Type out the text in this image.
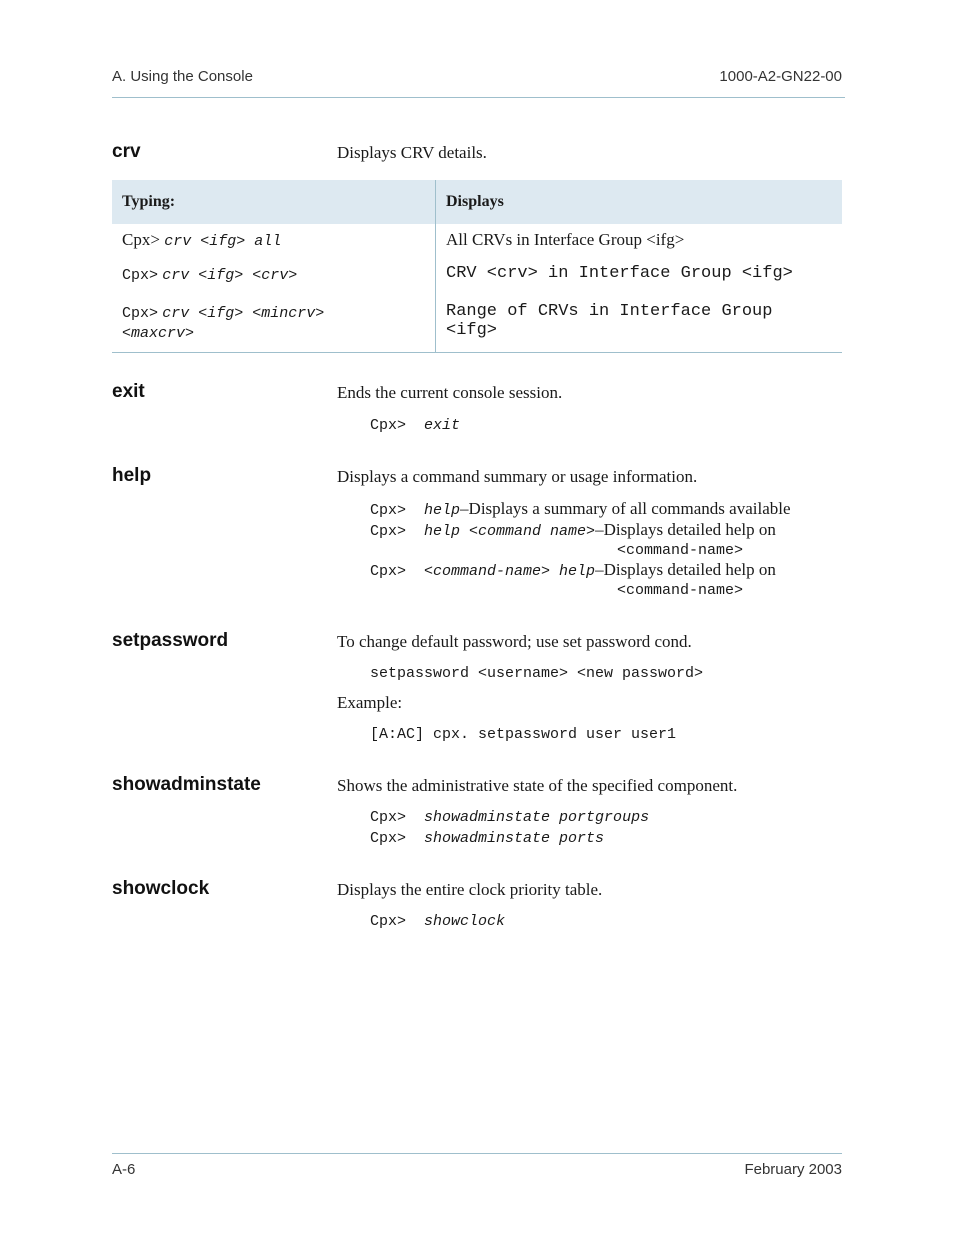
A. Using the Console	1000-A2-GN22-00
crv	Displays CRV details.
Typing:	Displays
Cpx> crv <ifg> all	All CRVs in Interface Group <ifg>
Cpx> crv <ifg> <crv>	CRV <crv> in Interface Group <ifg>
Cpx> crv <ifg> <mincrv>
<maxcrv>	Range of CRVs in Interface Group <ifg>
exit	Ends the current console session.
Cpx> exit
help	Displays a command summary or usage information.
Cpx> help–Displays a summary of all commands available
Cpx> help <command name>–Displays detailed help on
<command-name>
Cpx> <command-name> help–Displays detailed help on
<command-name>
setpassword	To change default password; use set password cond.
setpassword <username> <new password>
Example:
[A:AC] cpx. setpassword user user1
showadminstate	Shows the administrative state of the specified component.
Cpx> showadminstate portgroups
Cpx> showadminstate ports
showclock	Displays the entire clock priority table.
Cpx> showclock
A-6	February 2003
